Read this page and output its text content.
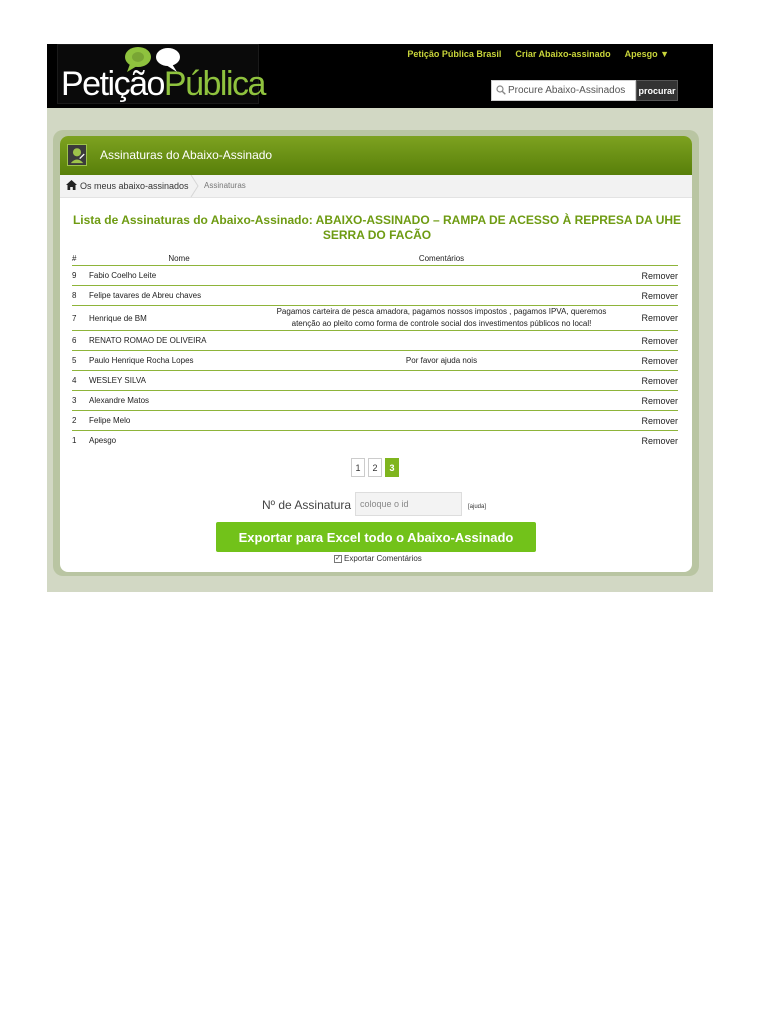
PetiçãoPública
Petição Pública Brasil Criar Abaixo-assinado Apesgo ▼
Procure Abaixo-Assinados
procurar
Assinaturas do Abaixo-Assinado
Os meus abaixo-assinados Assinaturas
Lista de Assinaturas do Abaixo-Assinado: ABAIXO-ASSINADO – RAMPA DE ACESSO À REPRESA DA UHE SERRA DO FACÃO
#	Nome	Comentários	
9	Fabio Coelho Leite		Remover
8	Felipe tavares de Abreu chaves		Remover
7	Henrique de BM	Pagamos carteira de pesca amadora, pagamos nossos impostos , pagamos IPVA, queremos atenção ao pleito como forma de controle social dos investimentos públicos no local!	Remover
6	RENATO ROMAO DE OLIVEIRA		Remover
5	Paulo Henrique Rocha Lopes	Por favor ajuda nois	Remover
4	WESLEY SILVA		Remover
3	Alexandre Matos		Remover
2	Felipe Melo		Remover
1	Apesgo		Remover
1	2	3
Nº de Assinatura
coloque o id	[ajuda]
Exportar para Excel todo o Abaixo-Assinado
✓ Exportar Comentários
